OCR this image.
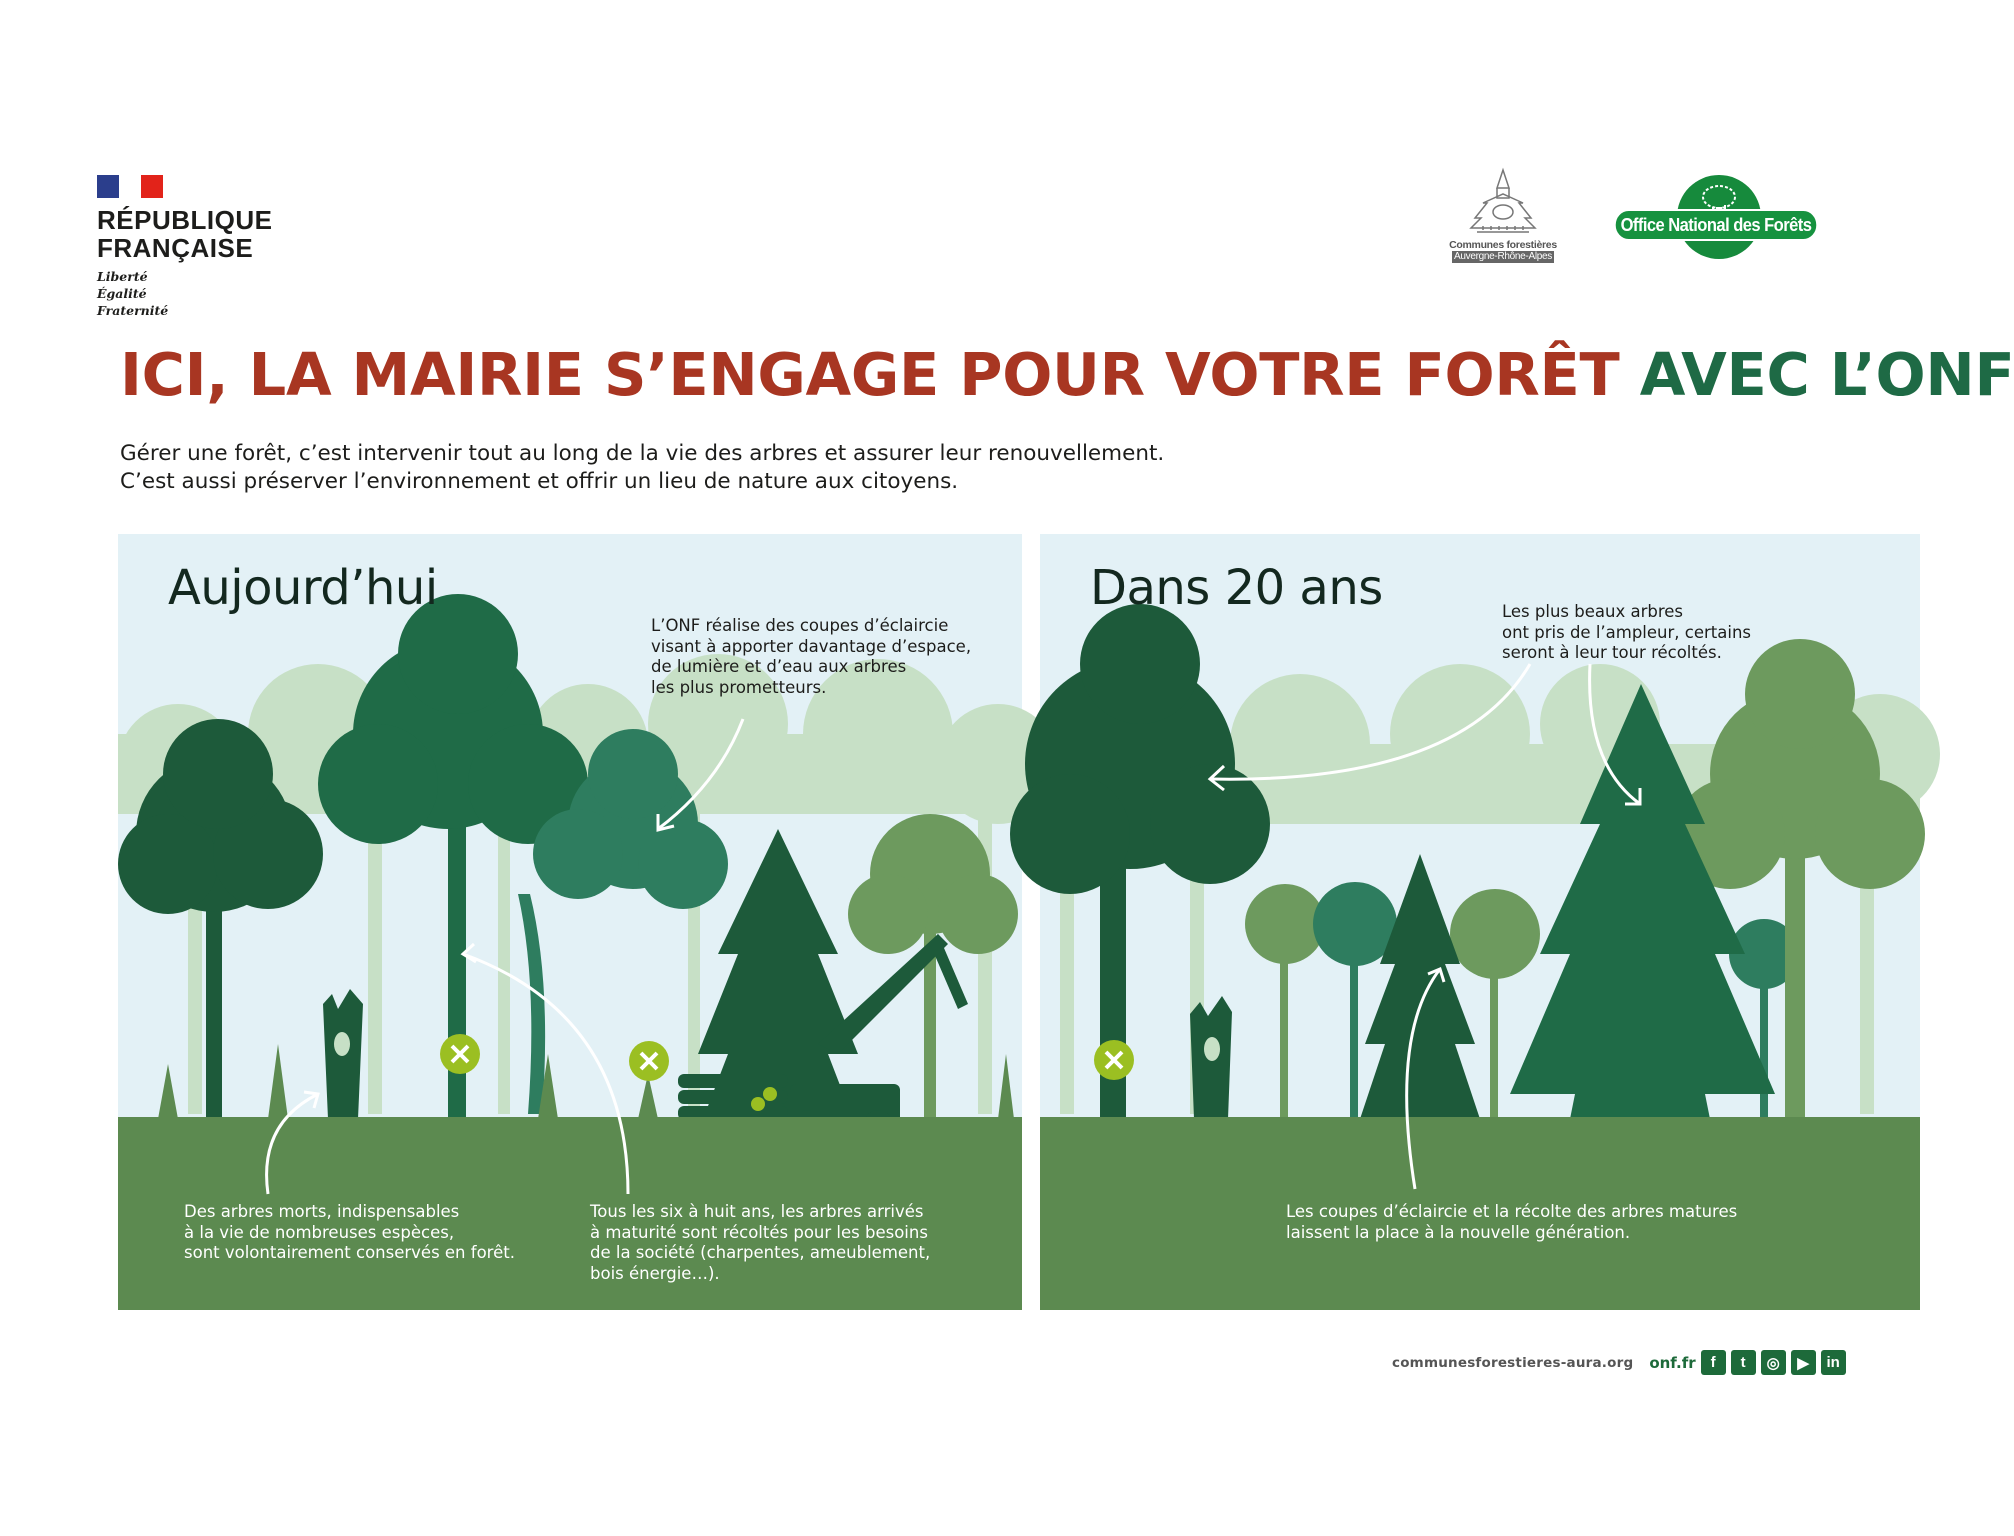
RÉPUBLIQUE
FRANÇAISE
Liberté
Égalité
Fraternité
Communes forestières
Auvergne-Rhône-Alpes
Office National des Forêts
ICI, LA MAIRIE S’ENGAGE POUR VOTRE FORÊT AVEC L’ONF
Gérer une forêt, c’est intervenir tout au long de la vie des arbres et assurer leur renouvellement.
C’est aussi préserver l’environnement et offrir un lieu de nature aux citoyens.
Aujourd’hui
L’ONF réalise des coupes d’éclaircie
visant à apporter davantage d’espace,
de lumière et d’eau aux arbres
les plus prometteurs.
Des arbres morts, indispensables
à la vie de nombreuses espèces,
sont volontairement conservés en forêt.
Tous les six à huit ans, les arbres arrivés
à maturité sont récoltés pour les besoins
de la société (charpentes, ameublement,
bois énergie…).
Dans 20 ans	Les plus beaux arbres
ont pris de l’ampleur, certains
seront à leur tour récoltés.
Les coupes d’éclaircie et la récolte des arbres matures
laissent la place à la nouvelle génération.
communesforestieres-aura.org onf.fr	f	t	◎	▶	in
